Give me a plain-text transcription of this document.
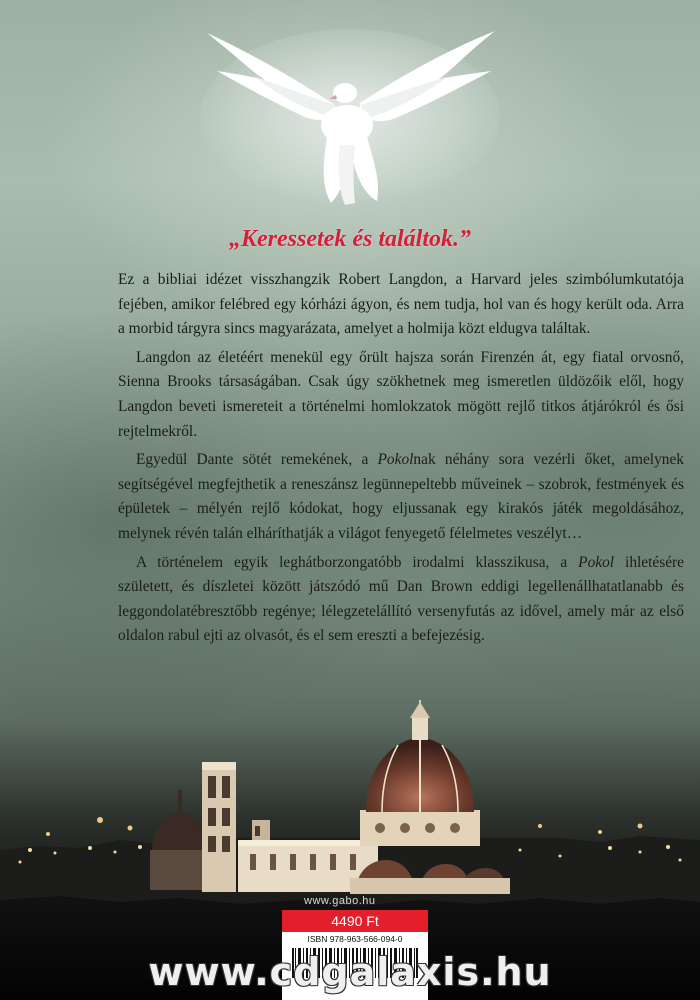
„Keressetek és találtok.”

Ez a bibliai idézet visszhangzik Robert Langdon, a Harvard jeles szimbólumkutatója fejében, amikor felébred egy kórházi ágyon, és nem tudja, hol van és hogy került oda. Arra a morbid tárgyra sincs magyarázata, amelyet a holmija közt eldugva találtak.

Langdon az életéért menekül egy őrült hajsza során Firenzén át, egy fiatal orvosnő, Sienna Brooks társaságában. Csak úgy szökhetnek meg ismeretlen üldözőik elől, hogy Langdon beveti ismereteit a történelmi homlokzatok mögött rejlő titkos átjárókról és ősi rejtelmekről.

Egyedül Dante sötét remekének, a Pokolnak néhány sora vezérli őket, amelynek segítségével megfejthetik a reneszánsz legünnepeltebb műveinek – szobrok, festmények és épületek – mélyén rejlő kódokat, hogy eljussanak egy kirakós játék megoldásához, melynek révén talán elháríthatják a világot fenyegető félelmetes veszélyt…

A történelem egyik leghátborzongatóbb irodalmi klasszikusa, a Pokol ihletésére született, és díszletei között játszódó mű Dan Brown eddigi legellenállhatatlanabb és leggondolatébresztőbb regénye; lélegzetelállító versenyfutás az idővel, amely már az első oldalon rabul ejti az olvasót, és el sem ereszti a befejezésig.

www.gabo.hu
4490 Ft
ISBN 978-963-566-094-0
www.cdgalaxis.hu
